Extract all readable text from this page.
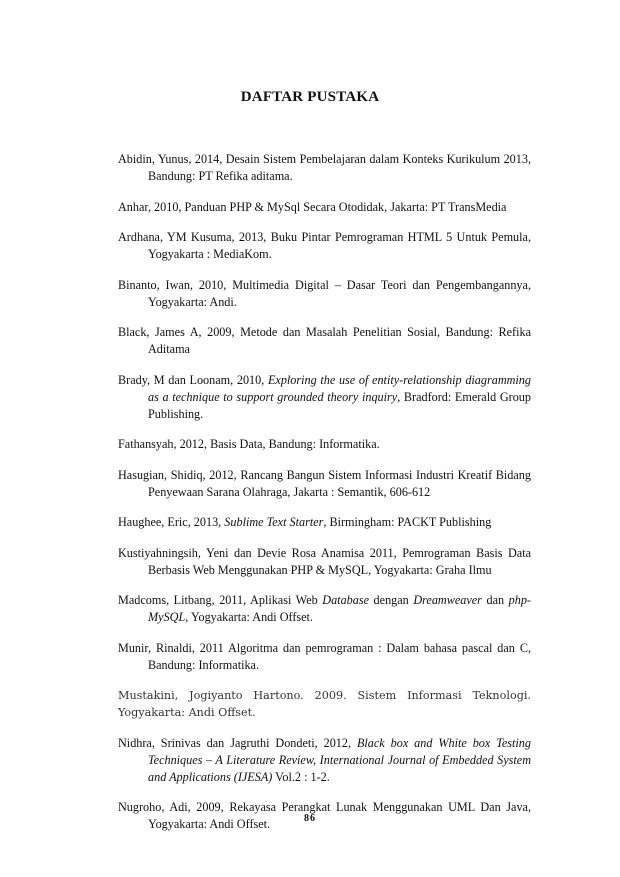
DAFTAR PUSTAKA

Abidin, Yunus, 2014, Desain Sistem Pembelajaran dalam Konteks Kurikulum 2013, Bandung: PT Refika aditama.

Anhar, 2010, Panduan PHP & MySql Secara Otodidak, Jakarta: PT TransMedia

Ardhana, YM Kusuma, 2013, Buku Pintar Pemrograman HTML 5 Untuk Pemula, Yogyakarta : MediaKom.

Binanto, Iwan, 2010, Multimedia Digital – Dasar Teori dan Pengembangannya, Yogyakarta: Andi.

Black, James A, 2009, Metode dan Masalah Penelitian Sosial, Bandung: Refika Aditama

Brady, M dan Loonam, 2010, Exploring the use of entity-relationship diagramming as a technique to support grounded theory inquiry, Bradford: Emerald Group Publishing.

Fathansyah, 2012, Basis Data, Bandung: Informatika.

Hasugian, Shidiq, 2012, Rancang Bangun Sistem Informasi Industri Kreatif Bidang Penyewaan Sarana Olahraga, Jakarta : Semantik, 606-612

Haughee, Eric, 2013, Sublime Text Starter, Birmingham: PACKT Publishing

Kustiyahningsih, Yeni dan Devie Rosa Anamisa 2011, Pemrograman Basis Data Berbasis Web Menggunakan PHP & MySQL, Yogyakarta: Graha Ilmu

Madcoms, Litbang, 2011, Aplikasi Web Database dengan Dreamweaver dan php-MySQL, Yogyakarta: Andi Offset.

Munir, Rinaldi, 2011 Algoritma dan pemrograman : Dalam bahasa pascal dan C, Bandung: Informatika.

Mustakini, Jogiyanto Hartono. 2009. Sistem Informasi Teknologi. Yogyakarta: Andi Offset.

Nidhra, Srinivas dan Jagruthi Dondeti, 2012, Black box and White box Testing Techniques – A Literature Review, International Journal of Embedded System and Applications (IJESA) Vol.2 : 1-2.

Nugroho, Adi, 2009, Rekayasa Perangkat Lunak Menggunakan UML Dan Java, Yogyakarta: Andi Offset.	86
